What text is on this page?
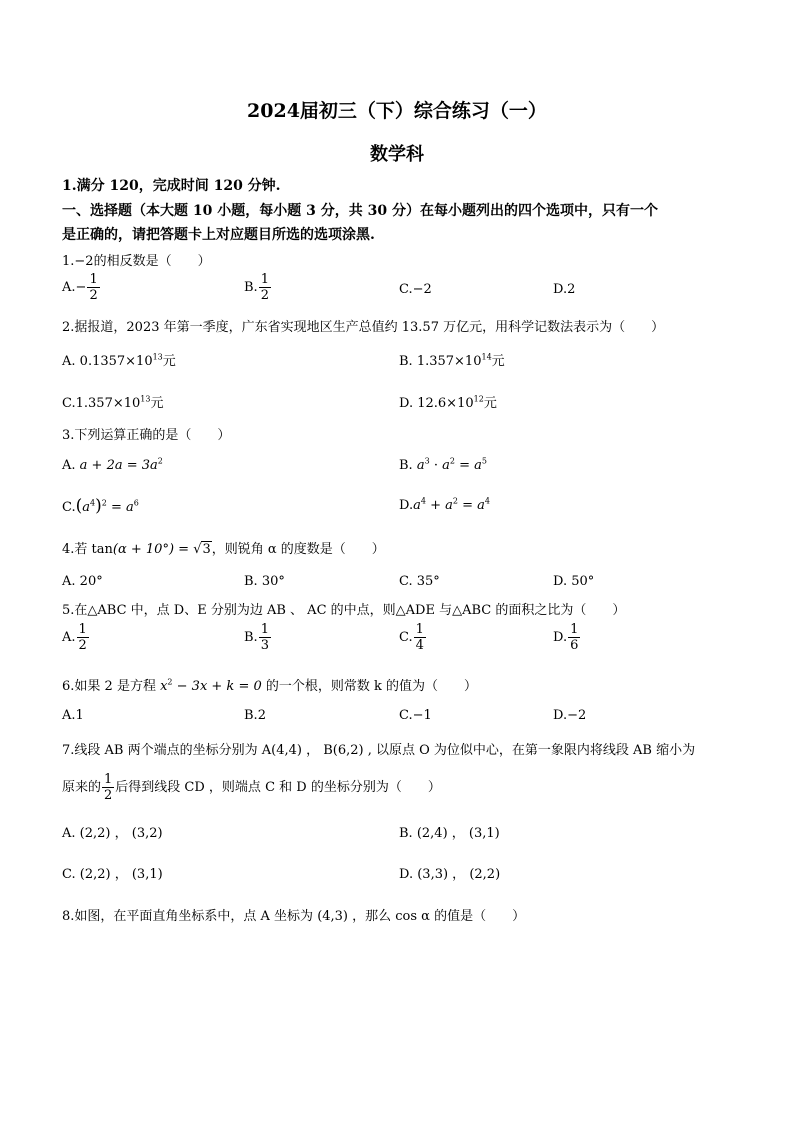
2024届初三（下）综合练习（一）
数学科
1.满分 120，完成时间 120 分钟.
一、选择题（本大题 10 小题，每小题 3 分，共 30 分）在每小题列出的四个选项中，只有一个
是正确的，请把答题卡上对应题目所选的选项涂黑.
1.−2的相反数是（　　）
$A.- \frac{1}{2}$	B. $\frac{1}{2}$	C.−2	D.2
2.据报道，2023 年第一季度，广东省实现地区生产总值约 13.57 万亿元，用科学记数法表示为（　　）
A. $0.1357\times 10^{13}$元	B. $1.357\times 10^{14}$元
$C.1.357\times 10^{13}$元	D. $12.6\times 10^{12}$元
3.下列运算正确的是（　　）
A. $a + 2a = 3a^2$	B. $a^3 \cdot a^2 = a^5$
$C.(a^4)^2 = a^6$	$D.a^4 + a^2 = a^4$
4.若 tan(α + 10°) = √3，则锐角 α 的度数是（　　）
A. 20°	B. 30°	C. 35°	D. 50°
5.在△ABC 中，点 D、E 分别为边 AB 、 AC 的中点，则△ADE 与△ABC 的面积之比为（　　）
A. $\frac{1}{2}$	B. $\frac{1}{3}$	C. $\frac{1}{4}$	D. $\frac{1}{6}$
6.如果 2 是方程 $x^2 - 3x + k = 0$ 的一个根，则常数 k 的值为（　　）
A.1	B.2	C.−1	D.−2
7.线段 AB 两个端点的坐标分别为 A(4,4) ， B(6,2) , 以原点 O 为位似中心，在第一象限内将线段 AB 缩小为
原来的 $\frac{1}{2}$ 后得到线段 CD ，则端点 C 和 D 的坐标分别为（　　）
A. (2,2) ， (3,2)	B. (2,4) ， (3,1)
C. (2,2) ， (3,1)	D. (3,3) ， (2,2)
8.如图，在平面直角坐标系中，点 A 坐标为 (4,3) ，那么 cos α 的值是（　　）
